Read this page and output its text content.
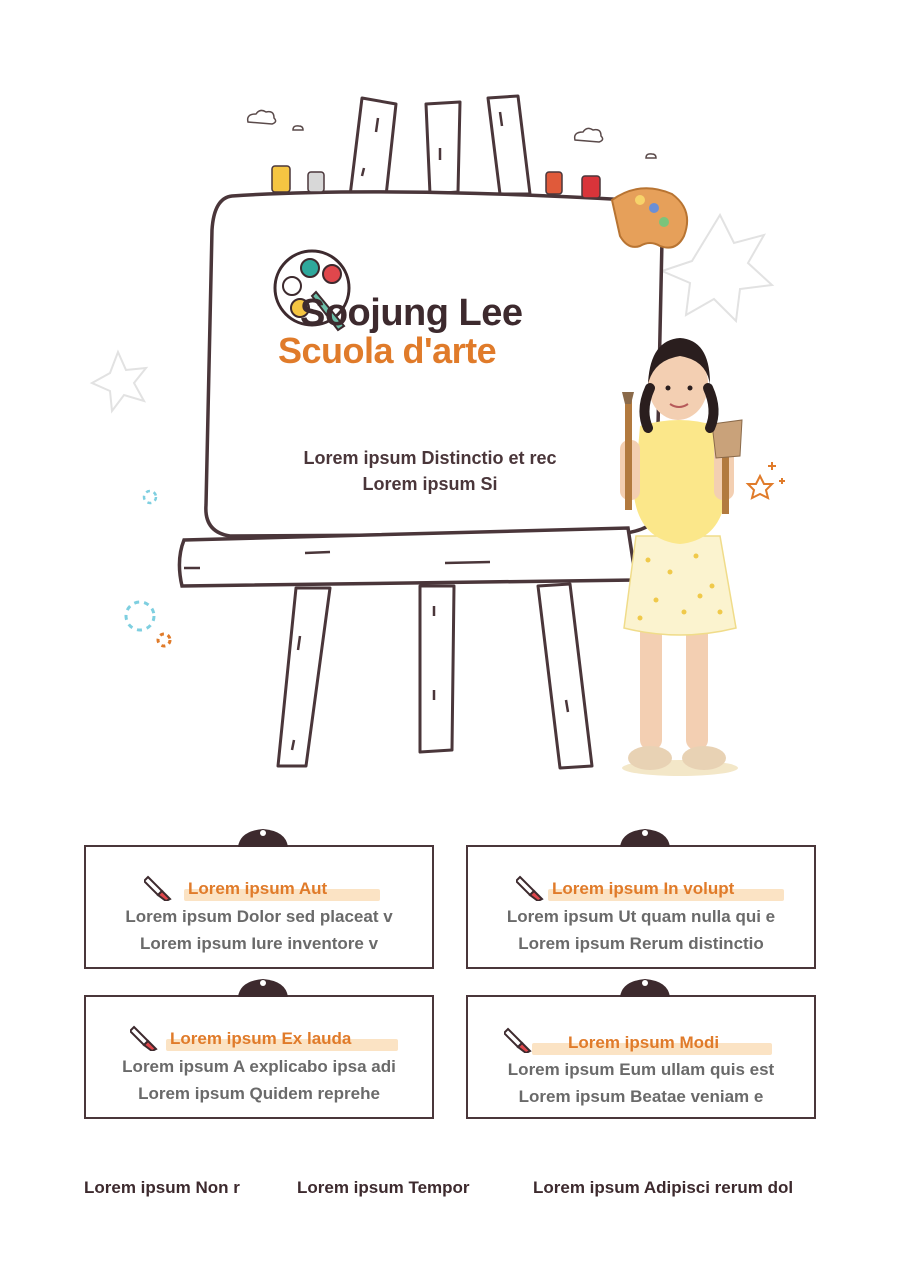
Soojung Lee
Scuola d'arte
Lorem ipsum Distinctio et rec
Lorem ipsum Si
Lorem ipsum Aut
Lorem ipsum Dolor sed placeat v
Lorem ipsum Iure inventore v
Lorem ipsum In volupt
Lorem ipsum Ut quam nulla qui e
Lorem ipsum Rerum distinctio
Lorem ipsum Ex lauda
Lorem ipsum A explicabo ipsa adi
Lorem ipsum Quidem reprehe
Lorem ipsum Modi
Lorem ipsum Eum ullam quis est
Lorem ipsum Beatae veniam e
Lorem ipsum Non r	Lorem ipsum Tempor	Lorem ipsum Adipisci rerum dol
